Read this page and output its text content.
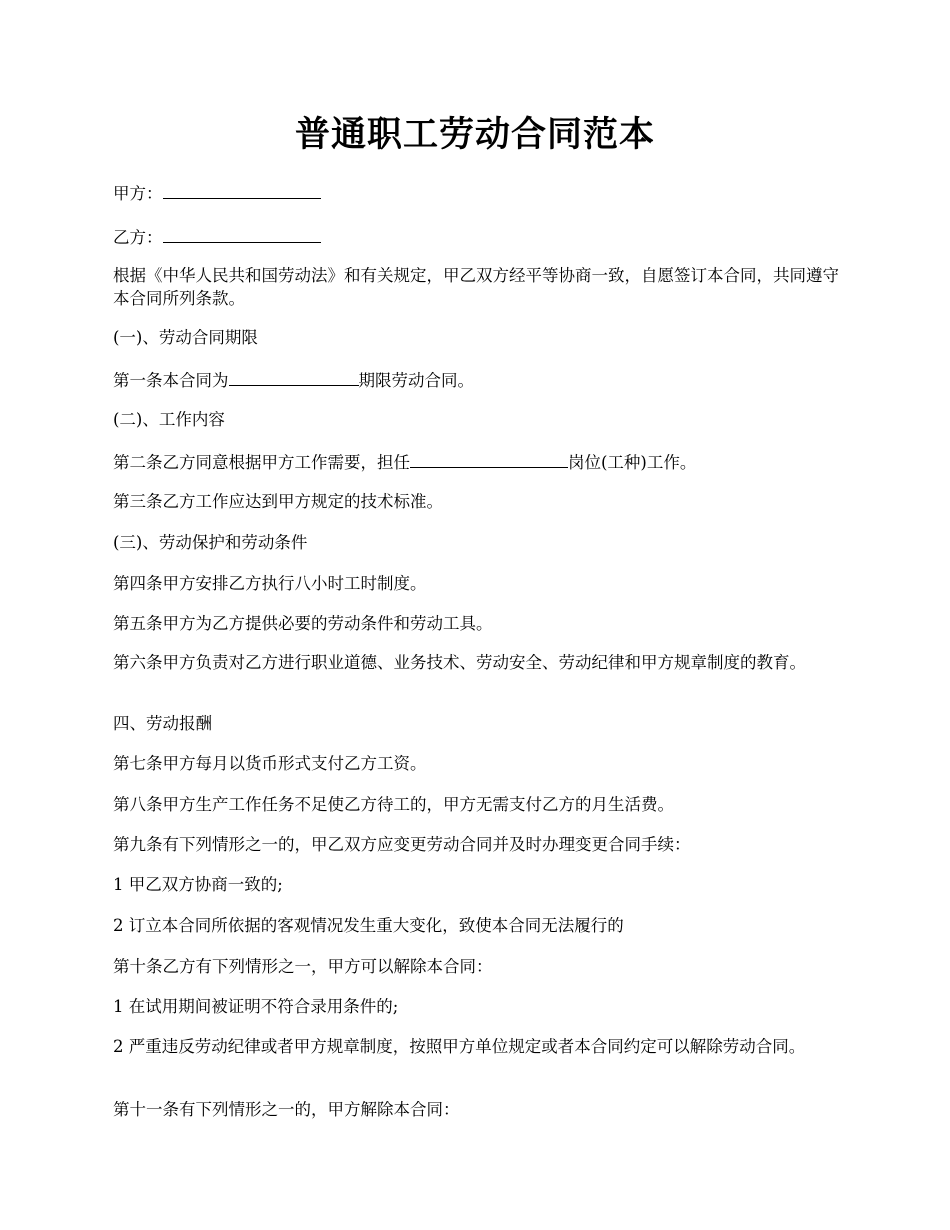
普通职工劳动合同范本

甲方：

乙方：

根据《中华人民共和国劳动法》和有关规定，甲乙双方经平等协商一致，自愿签订本合同，共同遵守本合同所列条款。

(一)、劳动合同期限

第一条本合同为	期限劳动合同。

(二)、工作内容

第二条乙方同意根据甲方工作需要，担任	岗位(工种)工作。

第三条乙方工作应达到甲方规定的技术标准。

(三)、劳动保护和劳动条件

第四条甲方安排乙方执行八小时工时制度。

第五条甲方为乙方提供必要的劳动条件和劳动工具。

第六条甲方负责对乙方进行职业道德、业务技术、劳动安全、劳动纪律和甲方规章制度的教育。

四、劳动报酬

第七条甲方每月以货币形式支付乙方工资。

第八条甲方生产工作任务不足使乙方待工的，甲方无需支付乙方的月生活费。

第九条有下列情形之一的，甲乙双方应变更劳动合同并及时办理变更合同手续：

1 甲乙双方协商一致的;

2 订立本合同所依据的客观情况发生重大变化，致使本合同无法履行的

第十条乙方有下列情形之一，甲方可以解除本合同：

1 在试用期间被证明不符合录用条件的;

2 严重违反劳动纪律或者甲方规章制度，按照甲方单位规定或者本合同约定可以解除劳动合同。

第十一条有下列情形之一的，甲方解除本合同：
